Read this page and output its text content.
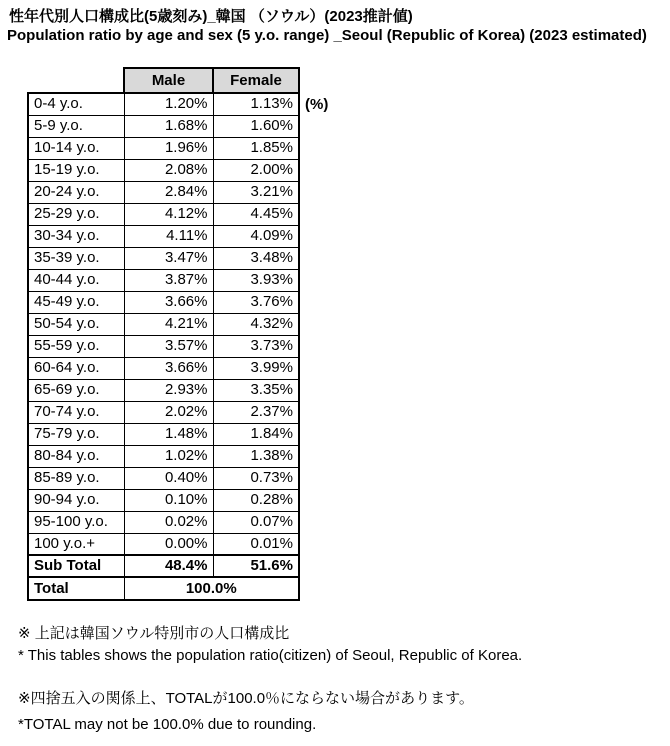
性年代別人口構成比(5歳刻み)_韓国 （ソウル）(2023推計値)
Population ratio by age and sex (5 y.o. range) _Seoul (Republic of Korea) (2023 estimated)
	Male	Female
0-4 y.o.	1.20%	1.13%
5-9 y.o.	1.68%	1.60%
10-14 y.o.	1.96%	1.85%
15-19 y.o.	2.08%	2.00%
20-24 y.o.	2.84%	3.21%
25-29 y.o.	4.12%	4.45%
30-34 y.o.	4.11%	4.09%
35-39 y.o.	3.47%	3.48%
40-44 y.o.	3.87%	3.93%
45-49 y.o.	3.66%	3.76%
50-54 y.o.	4.21%	4.32%
55-59 y.o.	3.57%	3.73%
60-64 y.o.	3.66%	3.99%
65-69 y.o.	2.93%	3.35%
70-74 y.o.	2.02%	2.37%
75-79 y.o.	1.48%	1.84%
80-84 y.o.	1.02%	1.38%
85-89 y.o.	0.40%	0.73%
90-94 y.o.	0.10%	0.28%
95-100 y.o.	0.02%	0.07%
100 y.o.+	0.00%	0.01%
Sub Total	48.4%	51.6%
Total	100.0%	
(%)
※ 上記は韓国ソウル特別市の人口構成比
* This tables shows the population ratio(citizen) of Seoul, Republic of Korea.
※四捨五入の関係上、TOTALが100.0％にならない場合があります。
*TOTAL may not be 100.0% due to rounding.
